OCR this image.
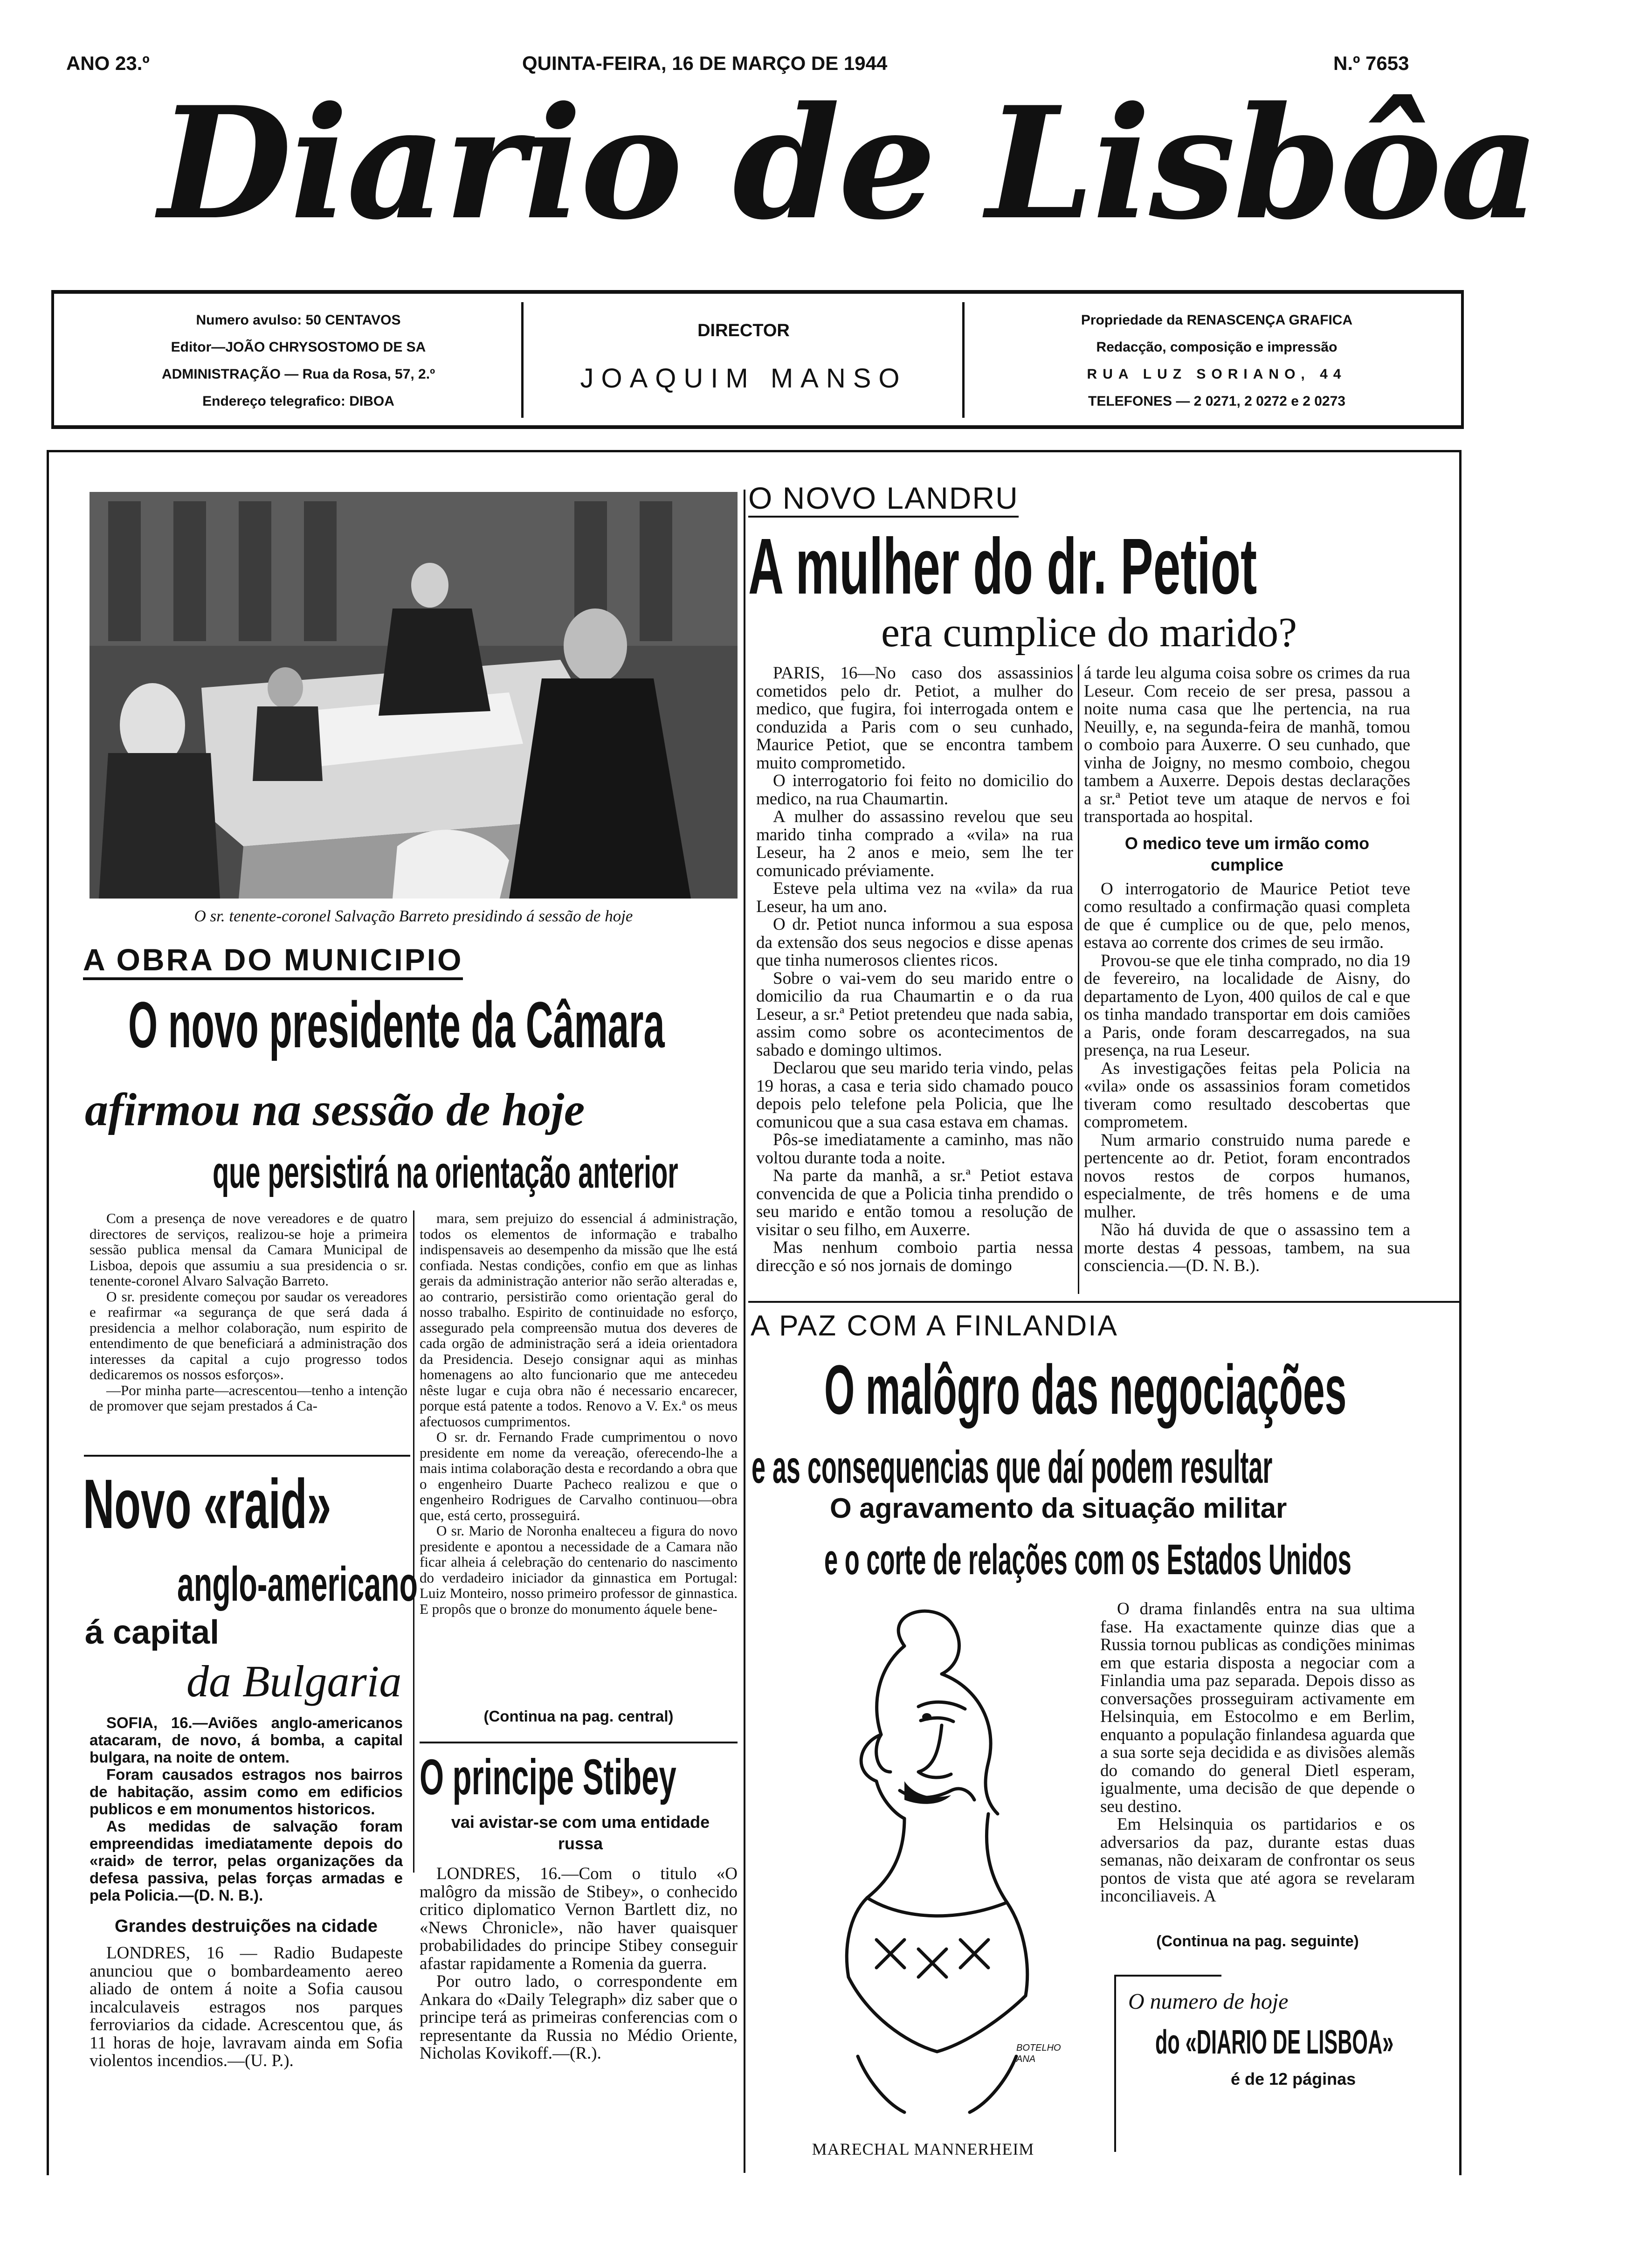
ANO 23.º	QUINTA-FEIRA, 16 DE MARÇO DE 1944	N.º 7653
Diario de Lisbôa
Numero avulso: 50 CENTAVOS
Editor—JOÃO CHRYSOSTOMO DE SA
ADMINISTRAÇÃO — Rua da Rosa, 57, 2.º
Endereço telegrafico: DIBOA
DIRECTOR
JOAQUIM MANSO
Propriedade da RENASCENÇA GRAFICA
Redacção, composição e impressão
RUA LUZ SORIANO, 44
TELEFONES — 2 0271, 2 0272 e 2 0273
O sr. tenente-coronel Salvação Barreto presidindo á sessão de hoje
A OBRA DO MUNICIPIO
O novo presidente da Câmara
afirmou na sessão de hoje
que persistirá na orientação anterior

Com a presença de nove vereadores e de quatro directores de serviços, realizou-se hoje a primeira sessão publica mensal da Camara Municipal de Lisboa, depois que assumiu a sua presidencia o sr. tenente-coronel Alvaro Salvação Barreto.

O sr. presidente começou por saudar os vereadores e reafirmar «a segurança de que será dada á presidencia a melhor colaboração, num espirito de entendimento de que beneficiará a administração dos interesses da capital a cujo progresso todos dedicaremos os nossos esforços».

—Por minha parte—acrescentou—tenho a intenção de promover que sejam prestados á Ca-

mara, sem prejuizo do essencial á administração, todos os elementos de informação e trabalho indispensaveis ao desempenho da missão que lhe está confiada. Nestas condições, confio em que as linhas gerais da administração anterior não serão alteradas e, ao contrario, persistirão como orientação geral do nosso trabalho. Espirito de continuidade no esforço, assegurado pela compreensão mutua dos deveres de cada orgão de administração será a ideia orientadora da Presidencia. Desejo consignar aqui as minhas homenagens ao alto funcionario que me antecedeu nêste lugar e cuja obra não é necessario encarecer, porque está patente a todos. Renovo a V. Ex.ª os meus afectuosos cumprimentos.

O sr. dr. Fernando Frade cumprimentou o novo presidente em nome da vereação, oferecendo-lhe a mais intima colaboração desta e recordando a obra que o engenheiro Duarte Pacheco realizou e que o engenheiro Rodrigues de Carvalho continuou—obra que, está certo, prosseguirá.

O sr. Mario de Noronha enalteceu a figura do novo presidente e apontou a necessidade de a Camara não ficar alheia á celebração do centenario do nascimento do verdadeiro iniciador da ginnastica em Portugal: Luiz Monteiro, nosso primeiro professor de ginnastica. E propôs que o bronze do monumento áquele bene-

(Continua na pag. central)
Novo «raid»
anglo-americano
á capital
da Bulgaria

SOFIA, 16.—Aviões anglo-americanos atacaram, de novo, á bomba, a capital bulgara, na noite de ontem.

Foram causados estragos nos bairros de habitação, assim como em edificios publicos e em monumentos historicos.

As medidas de salvação foram empreendidas imediatamente depois do «raid» de terror, pelas organizações da defesa passiva, pelas forças armadas e pela Policia.—(D. N. B.).

Grandes destruições na cidade

LONDRES, 16 — Radio Budapeste anunciou que o bombardeamento aereo aliado de ontem á noite a Sofia causou incalculaveis estragos nos parques ferroviarios da cidade. Acrescentou que, ás 11 horas de hoje, lavravam ainda em Sofia violentos incendios.—(U. P.).

O principe Stibey
vai avistar-se com uma entidade russa

LONDRES, 16.—Com o titulo «O malôgro da missão de Stibey», o conhecido critico diplomatico Vernon Bartlett diz, no «News Chronicle», não haver quaisquer probabilidades do principe Stibey conseguir afastar rapidamente a Romenia da guerra.

Por outro lado, o correspondente em Ankara do «Daily Telegraph» diz saber que o principe terá as primeiras conferencias com o representante da Russia no Médio Oriente, Nicholas Kovikoff.—(R.).

O NOVO LANDRU
A mulher do dr. Petiot
era cumplice do marido?

PARIS, 16—No caso dos assassinios cometidos pelo dr. Petiot, a mulher do medico, que fugira, foi interrogada ontem e conduzida a Paris com o seu cunhado, Maurice Petiot, que se encontra tambem muito comprometido.

O interrogatorio foi feito no domicilio do medico, na rua Chaumartin.

A mulher do assassino revelou que seu marido tinha comprado a «vila» na rua Leseur, ha 2 anos e meio, sem lhe ter comunicado préviamente.

Esteve pela ultima vez na «vila» da rua Leseur, ha um ano.

O dr. Petiot nunca informou a sua esposa da extensão dos seus negocios e disse apenas que tinha numerosos clientes ricos.

Sobre o vai-vem do seu marido entre o domicilio da rua Chaumartin e o da rua Leseur, a sr.ª Petiot pretendeu que nada sabia, assim como sobre os acontecimentos de sabado e domingo ultimos.

Declarou que seu marido teria vindo, pelas 19 horas, a casa e teria sido chamado pouco depois pelo telefone pela Policia, que lhe comunicou que a sua casa estava em chamas.

Pôs-se imediatamente a caminho, mas não voltou durante toda a noite.

Na parte da manhã, a sr.ª Petiot estava convencida de que a Policia tinha prendido o seu marido e então tomou a resolução de visitar o seu filho, em Auxerre.

Mas nenhum comboio partia nessa direcção e só nos jornais de domingo

á tarde leu alguma coisa sobre os crimes da rua Leseur. Com receio de ser presa, passou a noite numa casa que lhe pertencia, na rua Neuilly, e, na segunda-feira de manhã, tomou o comboio para Auxerre. O seu cunhado, que vinha de Joigny, no mesmo comboio, chegou tambem a Auxerre. Depois destas declarações a sr.ª Petiot teve um ataque de nervos e foi transportada ao hospital.

O medico teve um irmão como cumplice

O interrogatorio de Maurice Petiot teve como resultado a confirmação quasi completa de que é cumplice ou de que, pelo menos, estava ao corrente dos crimes de seu irmão.

Provou-se que ele tinha comprado, no dia 19 de fevereiro, na localidade de Aisny, do departamento de Lyon, 400 quilos de cal e que os tinha mandado transportar em dois camiões a Paris, onde foram descarregados, na sua presença, na rua Leseur.

As investigações feitas pela Policia na «vila» onde os assassinios foram cometidos tiveram como resultado descobertas que comprometem.

Num armario construido numa parede e pertencente ao dr. Petiot, foram encontrados novos restos de corpos humanos, especialmente, de três homens e de uma mulher.

Não há duvida de que o assassino tem a morte destas 4 pessoas, tambem, na sua consciencia.—(D. N. B.).

A PAZ COM A FINLANDIA
O malôgro das negociações
e as consequencias que daí podem resultar
O agravamento da situação militar
e o corte de relações com os Estados Unidos
BOTELHO ANA
MARECHAL MANNERHEIM

O drama finlandês entra na sua ultima fase. Ha exactamente quinze dias que a Russia tornou publicas as condições minimas em que estaria disposta a negociar com a Finlandia uma paz separada. Depois disso as conversações prosseguiram activamente em Helsinquia, em Estocolmo e em Berlim, enquanto a população finlandesa aguarda que a sua sorte seja decidida e as divisões alemãs do comando do general Dietl esperam, igualmente, uma decisão de que depende o seu destino.

Em Helsinquia os partidarios e os adversarios da paz, durante estas duas semanas, não deixaram de confrontar os seus pontos de vista que até agora se revelaram inconciliaveis. A

(Continua na pag. seguinte)
O numero de hoje
do «DIARIO DE LISBOA»
é de 12 páginas
